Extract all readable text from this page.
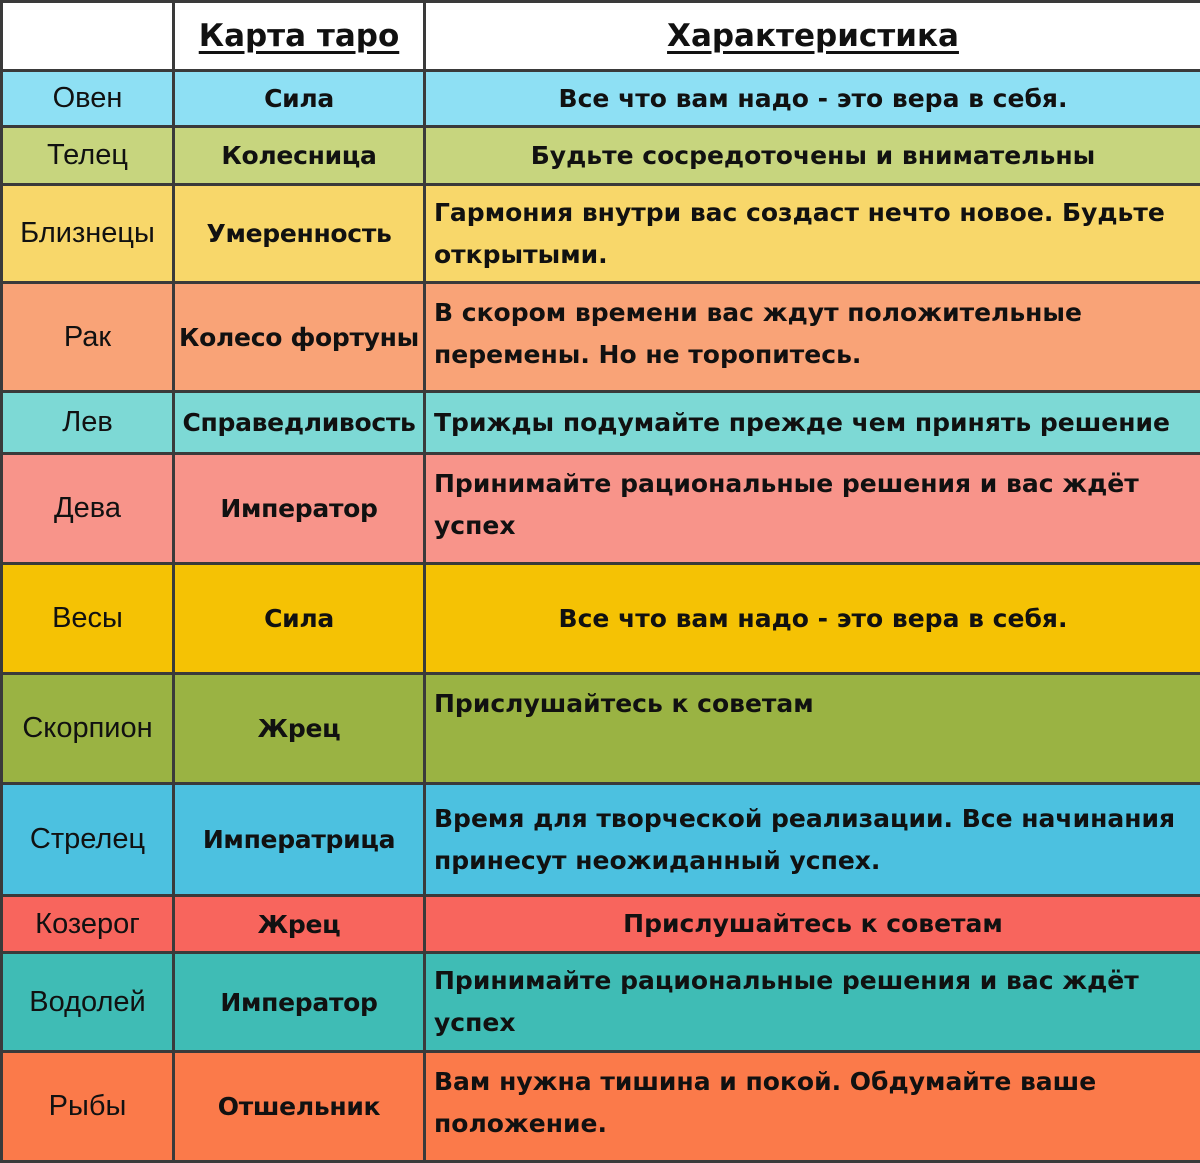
	Карта таро	Характеристика
Овен	Сила	Все что вам надо - это вера в себя.
Телец	Колесница	Будьте сосредоточены и внимательны
Близнецы	Умеренность	Гармония внутри вас создаст нечто новое. Будьте открытыми.
Рак	Колесо фортуны	В скором времени вас ждут положительные перемены. Но не торопитесь.
Лев	Справедливость	Трижды подумайте прежде чем принять решение
Дева	Император	Принимайте рациональные решения и вас ждёт успех
Весы	Сила	Все что вам надо - это вера в себя.
Скорпион	Жрец	Прислушайтесь к советам
Стрелец	Императрица	Время для творческой реализации. Все начинания принесут неожиданный успех.
Козерог	Жрец	Прислушайтесь к советам
Водолей	Император	Принимайте рациональные решения и вас ждёт успех
Рыбы	Отшельник	Вам нужна тишина и покой. Обдумайте ваше положение.
